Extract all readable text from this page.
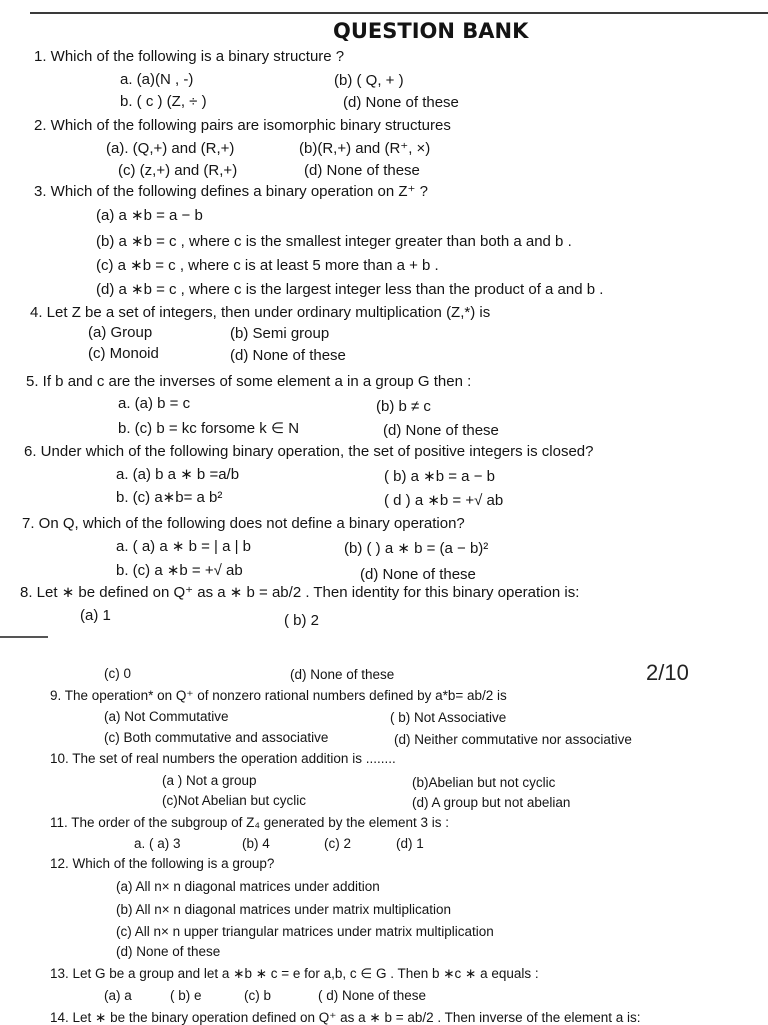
QUESTION BANK
1. Which of the following is a binary structure ?
a. (a)(N , -)	(b) ( Q, + )
b. ( c ) (Z, ÷ )	(d) None of these
2. Which of the following pairs are isomorphic binary structures
(a). (Q,+) and (R,+)	(b)(R,+) and (R⁺, ×)
(c) (z,+) and (R,+)	(d) None of these
3. Which of the following defines a binary operation on Z⁺ ?
(a) a ∗b = a − b
(b) a ∗b = c , where c is the smallest integer greater than both a and b .
(c) a ∗b = c , where c is at least 5 more than a + b .
(d) a ∗b = c , where c is the largest integer less than the product of a and b .
4. Let Z be a set of integers, then under ordinary multiplication (Z,*) is
(a) Group	(b) Semi group
(c) Monoid	(d) None of these
5. If b and c are the inverses of some element a in a group G then :
a. (a) b = c	(b) b ≠ c
b. (c) b = kc forsome k ∈ N	(d) None of these
6. Under which of the following binary operation, the set of positive integers is closed?
a. (a) b a ∗ b =a/b	( b) a ∗b = a − b
b. (c) a∗b= a b²	( d ) a ∗b = +√ ab
7. On Q, which of the following does not define a binary operation?
a. ( a) a ∗ b = | a | b	(b) ( ) a ∗ b = (a − b)²
b. (c) a ∗b = +√ ab	(d) None of these
8. Let ∗ be defined on Q⁺ as a ∗ b = ab/2 . Then identity for this binary operation is:
(a) 1	( b) 2
(c) 0	(d) None of these	2/10
9. The operation* on Q⁺ of nonzero rational numbers defined by a*b= ab/2 is
(a) Not Commutative	( b) Not Associative
(c) Both commutative and associative	(d) Neither commutative nor associative
10. The set of real numbers the operation addition is ........
(a ) Not a group	(b)Abelian but not cyclic
(c)Not Abelian but cyclic	(d) A group but not abelian
11. The order of the subgroup of Z₄ generated by the element 3 is :
a. ( a) 3	(b) 4	(c) 2	(d) 1
12. Which of the following is a group?
(a) All n× n diagonal matrices under addition
(b) All n× n diagonal matrices under matrix multiplication
(c) All n× n upper triangular matrices under matrix multiplication
(d) None of these
13. Let G be a group and let a ∗b ∗ c = e for a,b, c ∈ G . Then b ∗c ∗ a equals :
(a) a	( b) e	(c) b	( d) None of these
14. Let ∗ be the binary operation defined on Q⁺ as a ∗ b = ab/2 . Then inverse of the element a is:
